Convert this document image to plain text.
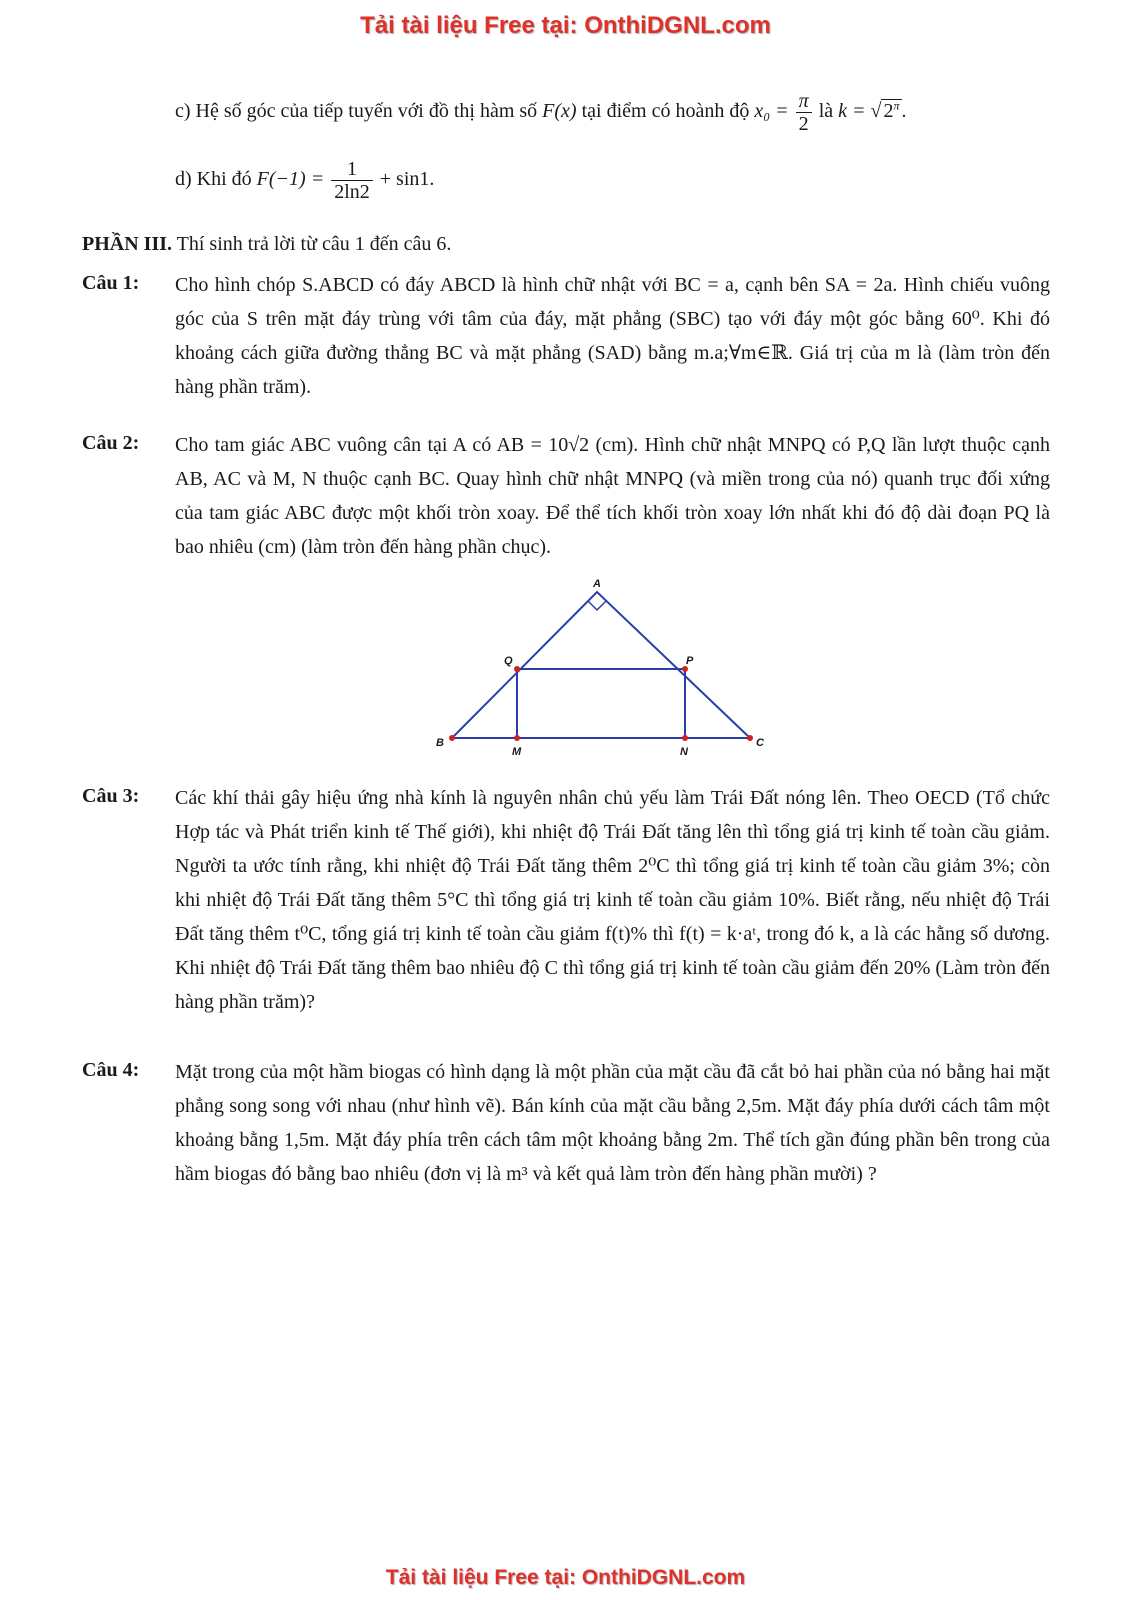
Tải tài liệu Free tại: OnthiDGNL.com
c) Hệ số góc của tiếp tuyến với đồ thị hàm số F(x) tại điểm có hoành độ $x_0 = \frac{\pi}{2}$ là k = √ $2^\pi$ .
d) Khi đó $F(-1) = \frac{1}{2\ln 2} + \sin 1$.
PHẦN III. Thí sinh trả lời từ câu 1 đến câu 6.
Câu 1: Cho hình chóp S.ABCD có đáy ABCD là hình chữ nhật với BC = a, cạnh bên SA = 2a. Hình chiếu vuông góc của S trên mặt đáy trùng với tâm của đáy, mặt phẳng (SBC) tạo với đáy một góc bằng 60⁰. Khi đó khoảng cách giữa đường thẳng BC và mặt phẳng (SAD) bằng m.a;∀m∈ℝ. Giá trị của m là (làm tròn đến hàng phần trăm).
Câu 2: Cho tam giác ABC vuông cân tại A có AB = 10√2 (cm). Hình chữ nhật MNPQ có P,Q lần lượt thuộc cạnh AB, AC và M, N thuộc cạnh BC. Quay hình chữ nhật MNPQ (và miền trong của nó) quanh trục đối xứng của tam giác ABC được một khối tròn xoay. Để thể tích khối tròn xoay lớn nhất khi đó độ dài đoạn PQ là bao nhiêu (cm) (làm tròn đến hàng phần chục).
A
B	C
M	N
P
Q
Câu 3: Các khí thải gây hiệu ứng nhà kính là nguyên nhân chủ yếu làm Trái Đất nóng lên. Theo OECD (Tổ chức Hợp tác và Phát triển kinh tế Thế giới), khi nhiệt độ Trái Đất tăng lên thì tổng giá trị kinh tế toàn cầu giảm. Người ta ước tính rằng, khi nhiệt độ Trái Đất tăng thêm 2⁰C thì tổng giá trị kinh tế toàn cầu giảm 3%; còn khi nhiệt độ Trái Đất tăng thêm 5°C thì tổng giá trị kinh tế toàn cầu giảm 10%. Biết rằng, nếu nhiệt độ Trái Đất tăng thêm t⁰C, tổng giá trị kinh tế toàn cầu giảm f(t)% thì f(t) = k·aᵗ, trong đó k, a là các hằng số dương. Khi nhiệt độ Trái Đất tăng thêm bao nhiêu độ C thì tổng giá trị kinh tế toàn cầu giảm đến 20% (Làm tròn đến hàng phần trăm)?
Câu 4: Mặt trong của một hầm biogas có hình dạng là một phần của mặt cầu đã cắt bỏ hai phần của nó bằng hai mặt phẳng song song với nhau (như hình vẽ). Bán kính của mặt cầu bằng 2,5m. Mặt đáy phía dưới cách tâm một khoảng bằng 1,5m. Mặt đáy phía trên cách tâm một khoảng bằng 2m. Thể tích gần đúng phần bên trong của hầm biogas đó bằng bao nhiêu (đơn vị là m³ và kết quả làm tròn đến hàng phần mười) ?
Tải tài liệu Free tại: OnthiDGNL.com
